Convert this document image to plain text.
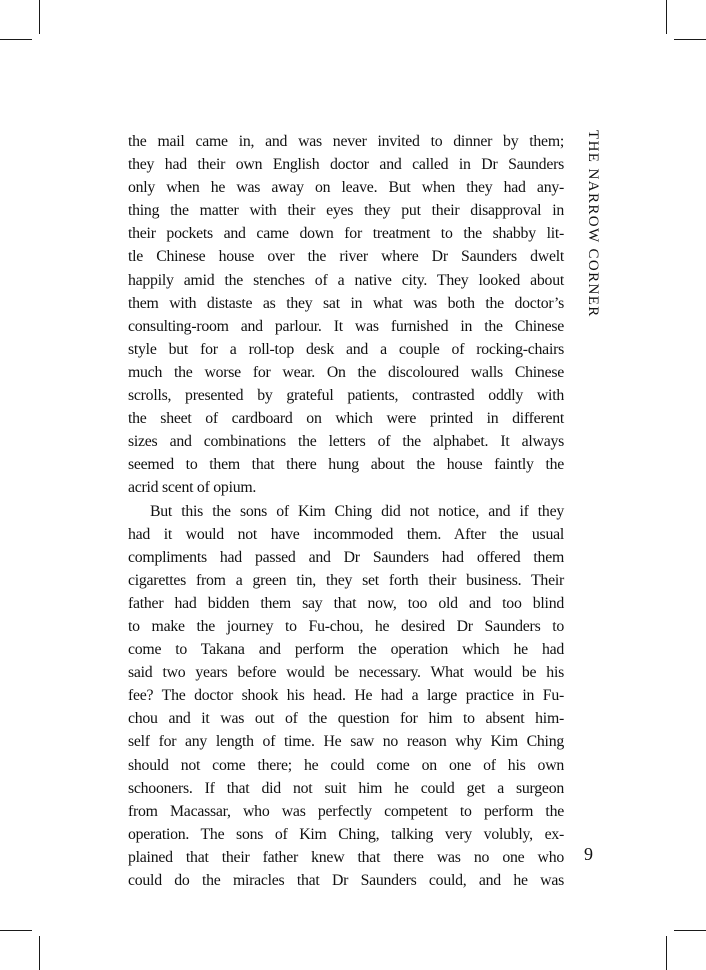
THE NARROW CORNER
the mail came in, and was never invited to dinner by them;
they had their own English doctor and called in Dr Saunders
only when he was away on leave. But when they had any-
thing the matter with their eyes they put their disapproval in
their pockets and came down for treatment to the shabby lit-
tle Chinese house over the river where Dr Saunders dwelt
happily amid the stenches of a native city. They looked about
them with distaste as they sat in what was both the doctor’s
consulting-room and parlour. It was furnished in the Chinese
style but for a roll-top desk and a couple of rocking-chairs
much the worse for wear. On the discoloured walls Chinese
scrolls, presented by grateful patients, contrasted oddly with
the sheet of cardboard on which were printed in different
sizes and combinations the letters of the alphabet. It always
seemed to them that there hung about the house faintly the
acrid scent of opium.
But this the sons of Kim Ching did not notice, and if they
had it would not have incommoded them. After the usual
compliments had passed and Dr Saunders had offered them
cigarettes from a green tin, they set forth their business. Their
father had bidden them say that now, too old and too blind
to make the journey to Fu-chou, he desired Dr Saunders to
come to Takana and perform the operation which he had
said two years before would be necessary. What would be his
fee? The doctor shook his head. He had a large practice in Fu-
chou and it was out of the question for him to absent him-
self for any length of time. He saw no reason why Kim Ching
should not come there; he could come on one of his own
schooners. If that did not suit him he could get a surgeon
from Macassar, who was perfectly competent to perform the
operation. The sons of Kim Ching, talking very volubly, ex-
plained that their father knew that there was no one who
could do the miracles that Dr Saunders could, and he was
9
